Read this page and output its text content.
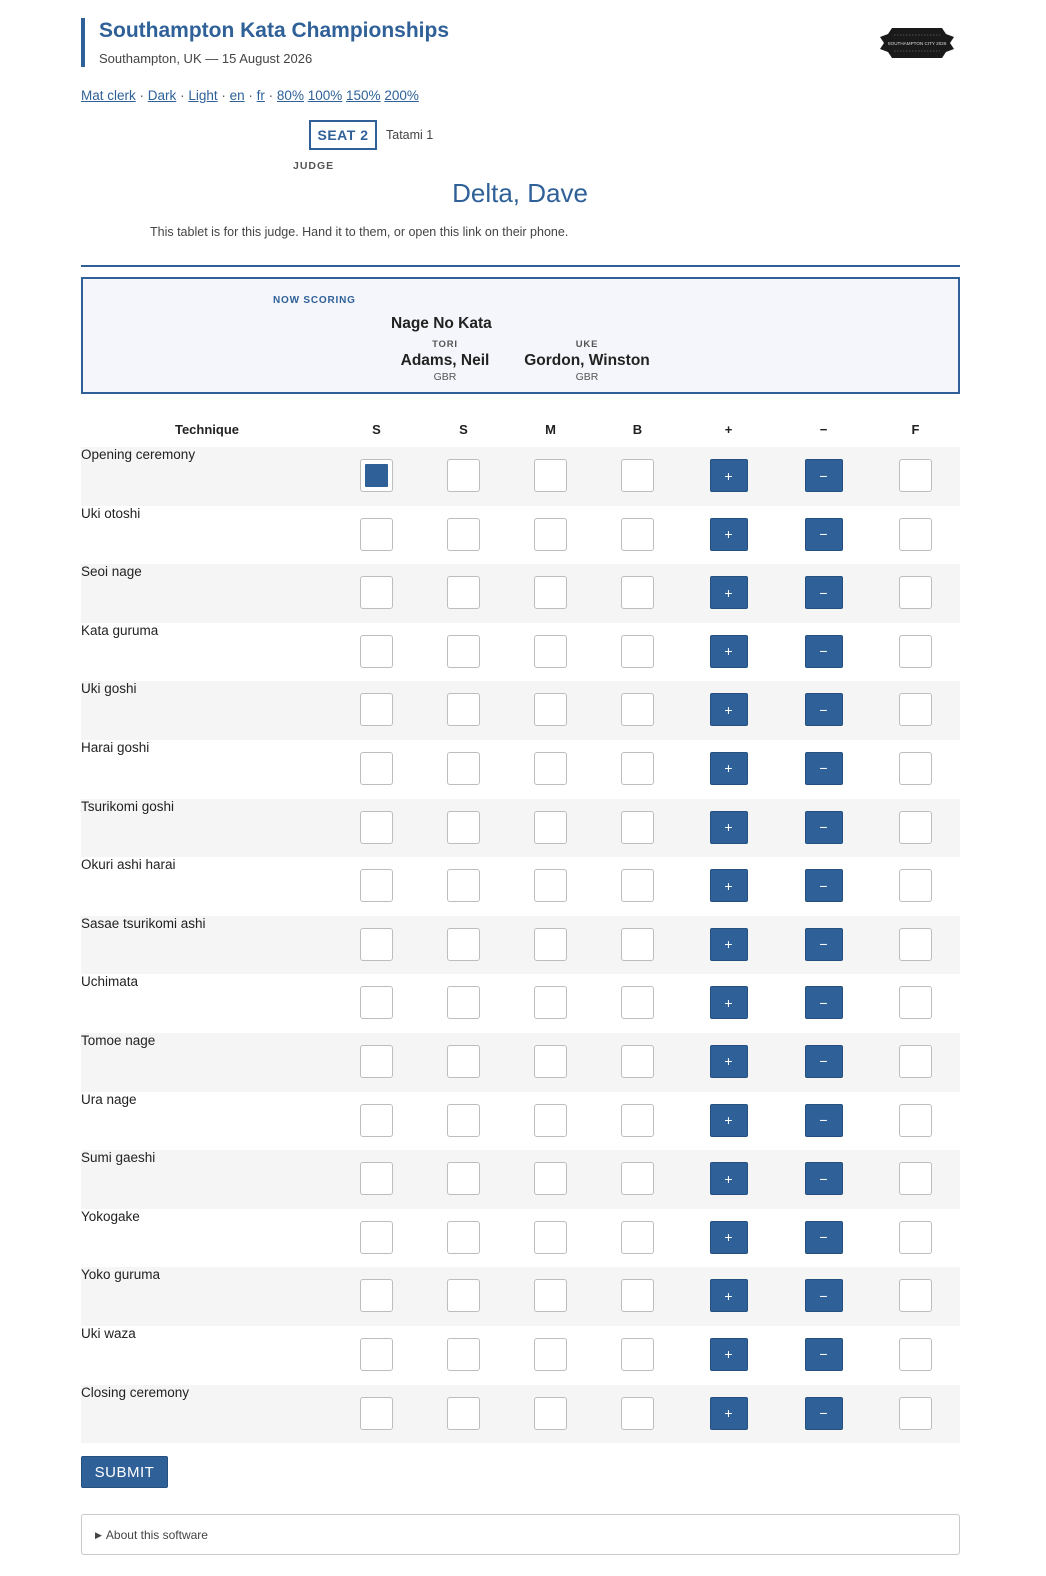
Southampton Kata Championships
Southampton, UK — 15 August 2026
SOUTHAMPTON CITY 2026
Mat clerk · Dark · Light · en · fr · 80% 100% 150% 200%
SEAT 2	Tatami 1
JUDGE
Delta, Dave
This tablet is for this judge. Hand it to them, or open this link on their phone.
NOW SCORING
Nage No Kata
TORI
Adams, Neil
GBR
UKE
Gordon, Winston
GBR
Technique	S	S	M	B	+	−	F
Opening ceremony					+	−	
Uki otoshi					+	−	
Seoi nage					+	−	
Kata guruma					+	−	
Uki goshi					+	−	
Harai goshi					+	−	
Tsurikomi goshi					+	−	
Okuri ashi harai					+	−	
Sasae tsurikomi ashi					+	−	
Uchimata					+	−	
Tomoe nage					+	−	
Ura nage					+	−	
Sumi gaeshi					+	−	
Yokogake					+	−	
Yoko guruma					+	−	
Uki waza					+	−	
Closing ceremony					+	−	
SUBMIT
▶ About this software
